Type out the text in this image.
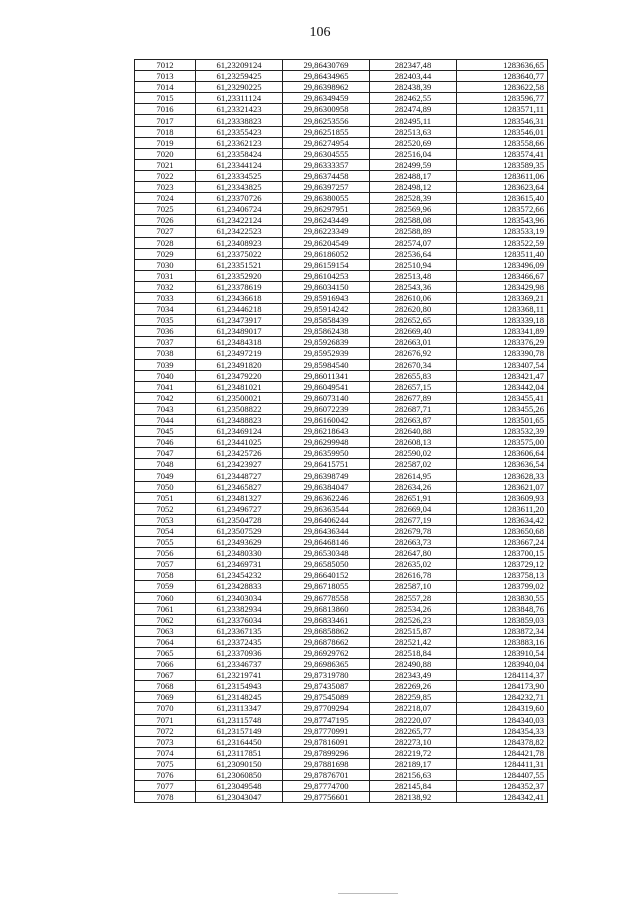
106
7012	61,23209124	29,86430769	282347,48	1283636,65
7013	61,23259425	29,86434965	282403,44	1283640,77
7014	61,23290225	29,86398962	282438,39	1283622,58
7015	61,23311124	29,86349459	282462,55	1283596,77
7016	61,23321423	29,86300958	282474,89	1283571,11
7017	61,23338823	29,86253556	282495,11	1283546,31
7018	61,23355423	29,86251855	282513,63	1283546,01
7019	61,23362123	29,86274954	282520,69	1283558,66
7020	61,23358424	29,86304555	282516,04	1283574,41
7021	61,23344124	29,86333357	282499,59	1283589,35
7022	61,23334525	29,86374458	282488,17	1283611,06
7023	61,23343825	29,86397257	282498,12	1283623,64
7024	61,23370726	29,86380055	282528,39	1283615,40
7025	61,23406724	29,86297951	282569,96	1283572,66
7026	61,23422124	29,86243449	282588,08	1283543,96
7027	61,23422523	29,86223349	282588,89	1283533,19
7028	61,23408923	29,86204549	282574,07	1283522,59
7029	61,23375022	29,86186052	282536,64	1283511,40
7030	61,23351521	29,86159154	282510,94	1283496,09
7031	61,23352920	29,86104253	282513,48	1283466,67
7032	61,23378619	29,86034150	282543,36	1283429,98
7033	61,23436618	29,85916943	282610,06	1283369,21
7034	61,23446218	29,85914242	282620,80	1283368,11
7035	61,23473917	29,85858439	282652,65	1283339,18
7036	61,23489017	29,85862438	282669,40	1283341,89
7037	61,23484318	29,85926839	282663,01	1283376,29
7038	61,23497219	29,85952939	282676,92	1283390,78
7039	61,23491820	29,85984540	282670,34	1283407,54
7040	61,23479220	29,86011341	282655,83	1283421,47
7041	61,23481021	29,86049541	282657,15	1283442,04
7042	61,23500021	29,86073140	282677,89	1283455,41
7043	61,23508822	29,86072239	282687,71	1283455,26
7044	61,23488823	29,86160042	282663,87	1283501,65
7045	61,23469124	29,86218643	282640,88	1283532,39
7046	61,23441025	29,86299948	282608,13	1283575,00
7047	61,23425726	29,86359950	282590,02	1283606,64
7048	61,23423927	29,86415751	282587,02	1283636,54
7049	61,23448727	29,86398749	282614,95	1283628,33
7050	61,23465827	29,86384047	282634,26	1283621,07
7051	61,23481327	29,86362246	282651,91	1283609,93
7052	61,23496727	29,86363544	282669,04	1283611,20
7053	61,23504728	29,86406244	282677,19	1283634,42
7054	61,23507529	29,86436344	282679,78	1283650,68
7055	61,23493629	29,86468146	282663,73	1283667,24
7056	61,23480330	29,86530348	282647,80	1283700,15
7057	61,23469731	29,86585050	282635,02	1283729,12
7058	61,23454232	29,86640152	282616,78	1283758,13
7059	61,23428833	29,86718055	282587,10	1283799,02
7060	61,23403034	29,86778558	282557,28	1283830,55
7061	61,23382934	29,86813860	282534,26	1283848,76
7062	61,23376034	29,86833461	282526,23	1283859,03
7063	61,23367135	29,86858862	282515,87	1283872,34
7064	61,23372435	29,86878662	282521,42	1283883,16
7065	61,23370936	29,86929762	282518,84	1283910,54
7066	61,23346737	29,86986365	282490,88	1283940,04
7067	61,23219741	29,87319780	282343,49	1284114,37
7068	61,23154943	29,87435087	282269,26	1284173,90
7069	61,23148245	29,87545089	282259,85	1284232,71
7070	61,23113347	29,87709294	282218,07	1284319,60
7071	61,23115748	29,87747195	282220,07	1284340,03
7072	61,23157149	29,87770991	282265,77	1284354,33
7073	61,23164450	29,87816091	282273,10	1284378,82
7074	61,23117851	29,87899296	282219,72	1284421,78
7075	61,23090150	29,87881698	282189,17	1284411,31
7076	61,23060850	29,87876701	282156,63	1284407,55
7077	61,23049548	29,87774700	282145,84	1284352,37
7078	61,23043047	29,87756601	282138,92	1284342,41
